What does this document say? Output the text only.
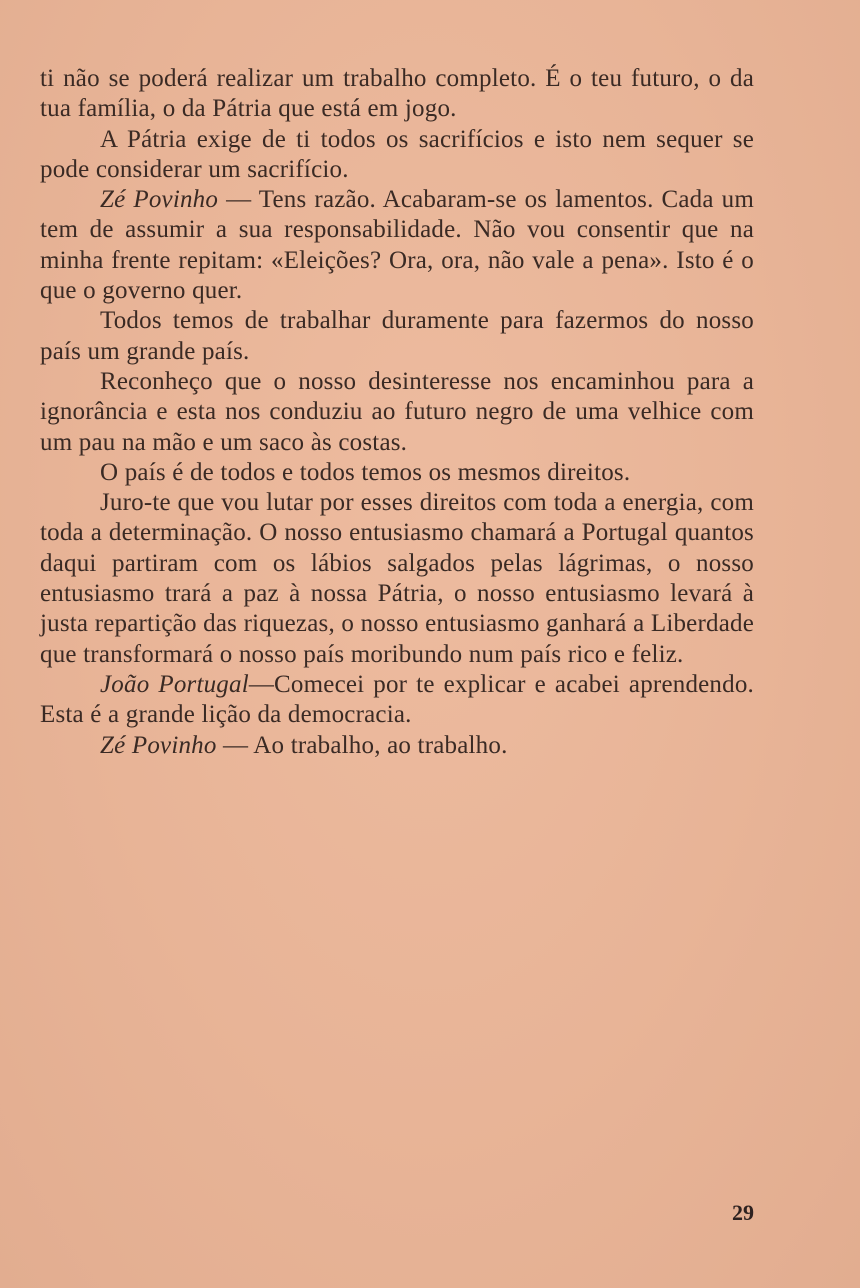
ti não se poderá realizar um trabalho completo. É o teu futuro, o da tua família, o da Pátria que está em jogo.

A Pátria exige de ti todos os sacrifícios e isto nem sequer se pode considerar um sacrifício.

Zé Povinho — Tens razão. Acabaram-se os lamentos. Cada um tem de assumir a sua responsabilidade. Não vou consentir que na minha frente repitam: «Eleições? Ora, ora, não vale a pena». Isto é o que o governo quer.

Todos temos de trabalhar duramente para fazermos do nosso país um grande país.

Reconheço que o nosso desinteresse nos encaminhou para a ignorância e esta nos conduziu ao futuro negro de uma velhice com um pau na mão e um saco às costas.

O país é de todos e todos temos os mesmos direitos.

Juro-te que vou lutar por esses direitos com toda a energia, com toda a determinação. O nosso entusiasmo chamará a Portugal quantos daqui partiram com os lábios salgados pelas lágrimas, o nosso entusiasmo trará a paz à nossa Pátria, o nosso entusiasmo levará à justa repartição das riquezas, o nosso entusiasmo ganhará a Liberdade que transformará o nosso país moribundo num país rico e feliz.

João Portugal—Comecei por te explicar e acabei aprendendo. Esta é a grande lição da democracia.

Zé Povinho — Ao trabalho, ao trabalho.

29
